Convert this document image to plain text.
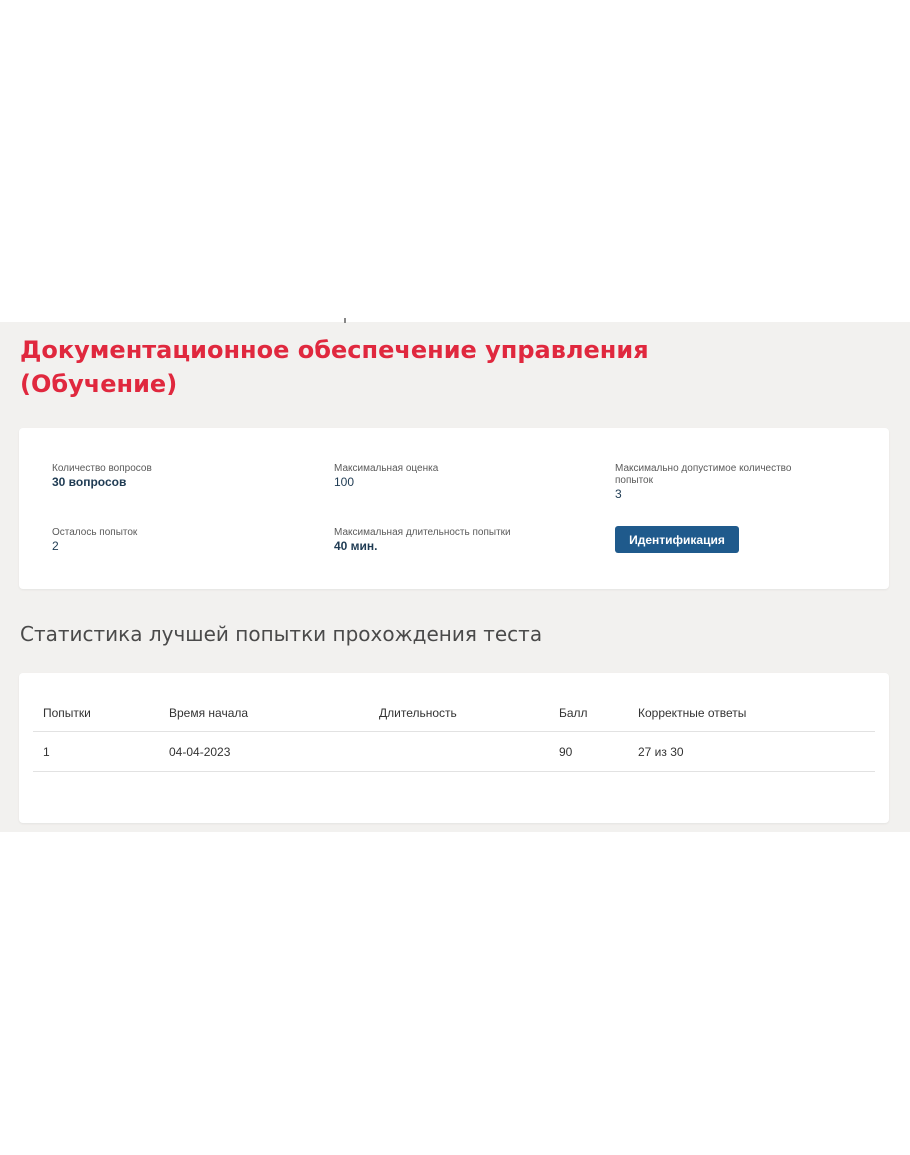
Документационное обеспечение управления
(Обучение)
Количество вопросов
30 вопросов
Максимальная оценка
100
Максимально допустимое количество попыток
3
Осталось попыток
2
Максимальная длительность попытки
40 мин.	Идентификация
Статистика лучшей попытки прохождения теста
Попытки	Время начала	Длительность	Балл	Корректные ответы
1	04-04-2023		90	27 из 30
